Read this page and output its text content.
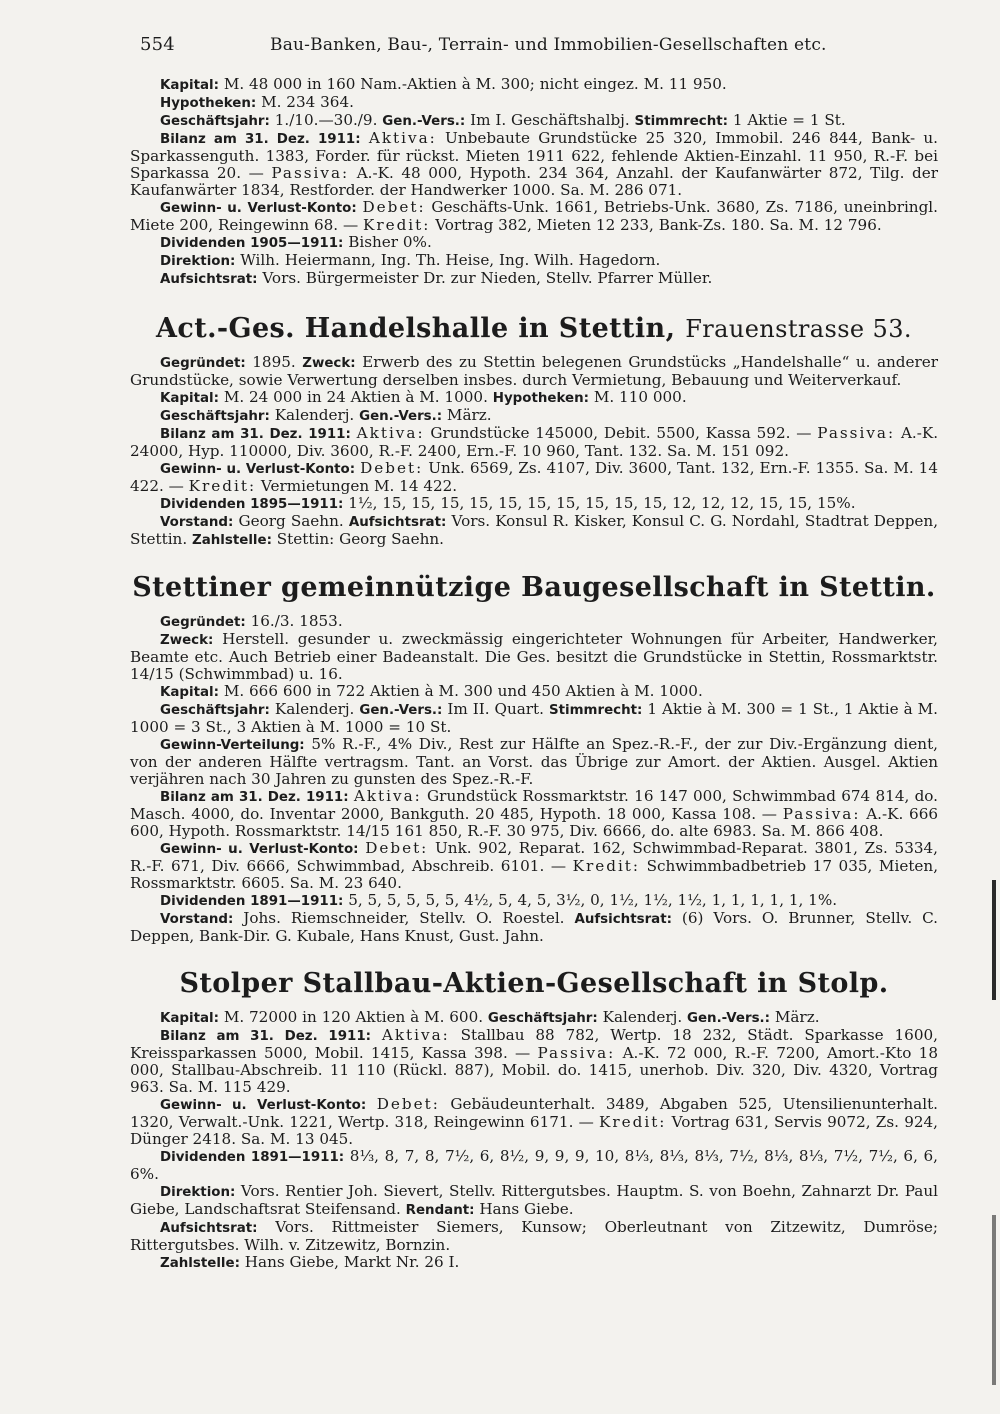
554	Bau-Banken, Bau-, Terrain- und Immobilien-Gesellschaften etc.

Kapital: M. 48 000 in 160 Nam.-Aktien à M. 300; nicht eingez. M. 11 950.

Hypotheken: M. 234 364.

Geschäftsjahr: 1./10.—30./9. Gen.-Vers.: Im I. Geschäftshalbj. Stimmrecht: 1 Aktie = 1 St.

Bilanz am 31. Dez. 1911: Aktiva: Unbebaute Grundstücke 25 320, Immobil. 246 844, Bank- u. Sparkassenguth. 1383, Forder. für rückst. Mieten 1911 622, fehlende Aktien-Einzahl. 11 950, R.-F. bei Sparkassa 20. — Passiva: A.-K. 48 000, Hypoth. 234 364, Anzahl. der Kaufanwärter 872, Tilg. der Kaufanwärter 1834, Restforder. der Handwerker 1000. Sa. M. 286 071.

Gewinn- u. Verlust-Konto: Debet: Geschäfts-Unk. 1661, Betriebs-Unk. 3680, Zs. 7186, uneinbringl. Miete 200, Reingewinn 68. — Kredit: Vortrag 382, Mieten 12 233, Bank-Zs. 180. Sa. M. 12 796.

Dividenden 1905—1911: Bisher 0%.

Direktion: Wilh. Heiermann, Ing. Th. Heise, Ing. Wilh. Hagedorn.

Aufsichtsrat: Vors. Bürgermeister Dr. zur Nieden, Stellv. Pfarrer Müller.

Act.-Ges. Handelshalle in Stettin, Frauenstrasse 53.

Gegründet: 1895. Zweck: Erwerb des zu Stettin belegenen Grundstücks „Handelshalle“ u. anderer Grundstücke, sowie Verwertung derselben insbes. durch Vermietung, Bebauung und Weiterverkauf.

Kapital: M. 24 000 in 24 Aktien à M. 1000. Hypotheken: M. 110 000.

Geschäftsjahr: Kalenderj. Gen.-Vers.: März.

Bilanz am 31. Dez. 1911: Aktiva: Grundstücke 145000, Debit. 5500, Kassa 592. — Passiva: A.-K. 24000, Hyp. 110000, Div. 3600, R.-F. 2400, Ern.-F. 10 960, Tant. 132. Sa. M. 151 092.

Gewinn- u. Verlust-Konto: Debet: Unk. 6569, Zs. 4107, Div. 3600, Tant. 132, Ern.-F. 1355. Sa. M. 14 422. — Kredit: Vermietungen M. 14 422.

Dividenden 1895—1911: 1½, 15, 15, 15, 15, 15, 15, 15, 15, 15, 15, 12, 12, 12, 15, 15, 15%.

Vorstand: Georg Saehn. Aufsichtsrat: Vors. Konsul R. Kisker, Konsul C. G. Nordahl, Stadtrat Deppen, Stettin. Zahlstelle: Stettin: Georg Saehn.

Stettiner gemeinnützige Baugesellschaft in Stettin.

Gegründet: 16./3. 1853.

Zweck: Herstell. gesunder u. zweckmässig eingerichteter Wohnungen für Arbeiter, Handwerker, Beamte etc. Auch Betrieb einer Badeanstalt. Die Ges. besitzt die Grundstücke in Stettin, Rossmarktstr. 14/15 (Schwimmbad) u. 16.

Kapital: M. 666 600 in 722 Aktien à M. 300 und 450 Aktien à M. 1000.

Geschäftsjahr: Kalenderj. Gen.-Vers.: Im II. Quart. Stimmrecht: 1 Aktie à M. 300 = 1 St., 1 Aktie à M. 1000 = 3 St., 3 Aktien à M. 1000 = 10 St.

Gewinn-Verteilung: 5% R.-F., 4% Div., Rest zur Hälfte an Spez.-R.-F., der zur Div.-Ergänzung dient, von der anderen Hälfte vertragsm. Tant. an Vorst. das Übrige zur Amort. der Aktien. Ausgel. Aktien verjähren nach 30 Jahren zu gunsten des Spez.-R.-F.

Bilanz am 31. Dez. 1911: Aktiva: Grundstück Rossmarktstr. 16 147 000, Schwimmbad 674 814, do. Masch. 4000, do. Inventar 2000, Bankguth. 20 485, Hypoth. 18 000, Kassa 108. — Passiva: A.-K. 666 600, Hypoth. Rossmarktstr. 14/15 161 850, R.-F. 30 975, Div. 6666, do. alte 6983. Sa. M. 866 408.

Gewinn- u. Verlust-Konto: Debet: Unk. 902, Reparat. 162, Schwimmbad-Reparat. 3801, Zs. 5334, R.-F. 671, Div. 6666, Schwimmbad, Abschreib. 6101. — Kredit: Schwimmbadbetrieb 17 035, Mieten, Rossmarktstr. 6605. Sa. M. 23 640.

Dividenden 1891—1911: 5, 5, 5, 5, 5, 5, 4½, 5, 4, 5, 3½, 0, 1½, 1½, 1½, 1, 1, 1, 1, 1, 1%.

Vorstand: Johs. Riemschneider, Stellv. O. Roestel. Aufsichtsrat: (6) Vors. O. Brunner, Stellv. C. Deppen, Bank-Dir. G. Kubale, Hans Knust, Gust. Jahn.

Stolper Stallbau-Aktien-Gesellschaft in Stolp.

Kapital: M. 72000 in 120 Aktien à M. 600. Geschäftsjahr: Kalenderj. Gen.-Vers.: März.

Bilanz am 31. Dez. 1911: Aktiva: Stallbau 88 782, Wertp. 18 232, Städt. Sparkasse 1600, Kreissparkassen 5000, Mobil. 1415, Kassa 398. — Passiva: A.-K. 72 000, R.-F. 7200, Amort.-Kto 18 000, Stallbau-Abschreib. 11 110 (Rückl. 887), Mobil. do. 1415, unerhob. Div. 320, Div. 4320, Vortrag 963. Sa. M. 115 429.

Gewinn- u. Verlust-Konto: Debet: Gebäudeunterhalt. 3489, Abgaben 525, Utensilienunterhalt. 1320, Verwalt.-Unk. 1221, Wertp. 318, Reingewinn 6171. — Kredit: Vortrag 631, Servis 9072, Zs. 924, Dünger 2418. Sa. M. 13 045.

Dividenden 1891—1911: 8⅓, 8, 7, 8, 7½, 6, 8½, 9, 9, 9, 10, 8⅓, 8⅓, 8⅓, 7½, 8⅓, 8⅓, 7½, 7½, 6, 6, 6%.

Direktion: Vors. Rentier Joh. Sievert, Stellv. Rittergutsbes. Hauptm. S. von Boehn, Zahnarzt Dr. Paul Giebe, Landschaftsrat Steifensand. Rendant: Hans Giebe.

Aufsichtsrat: Vors. Rittmeister Siemers, Kunsow; Oberleutnant von Zitzewitz, Dumröse; Rittergutsbes. Wilh. v. Zitzewitz, Bornzin.

Zahlstelle: Hans Giebe, Markt Nr. 26 I.
